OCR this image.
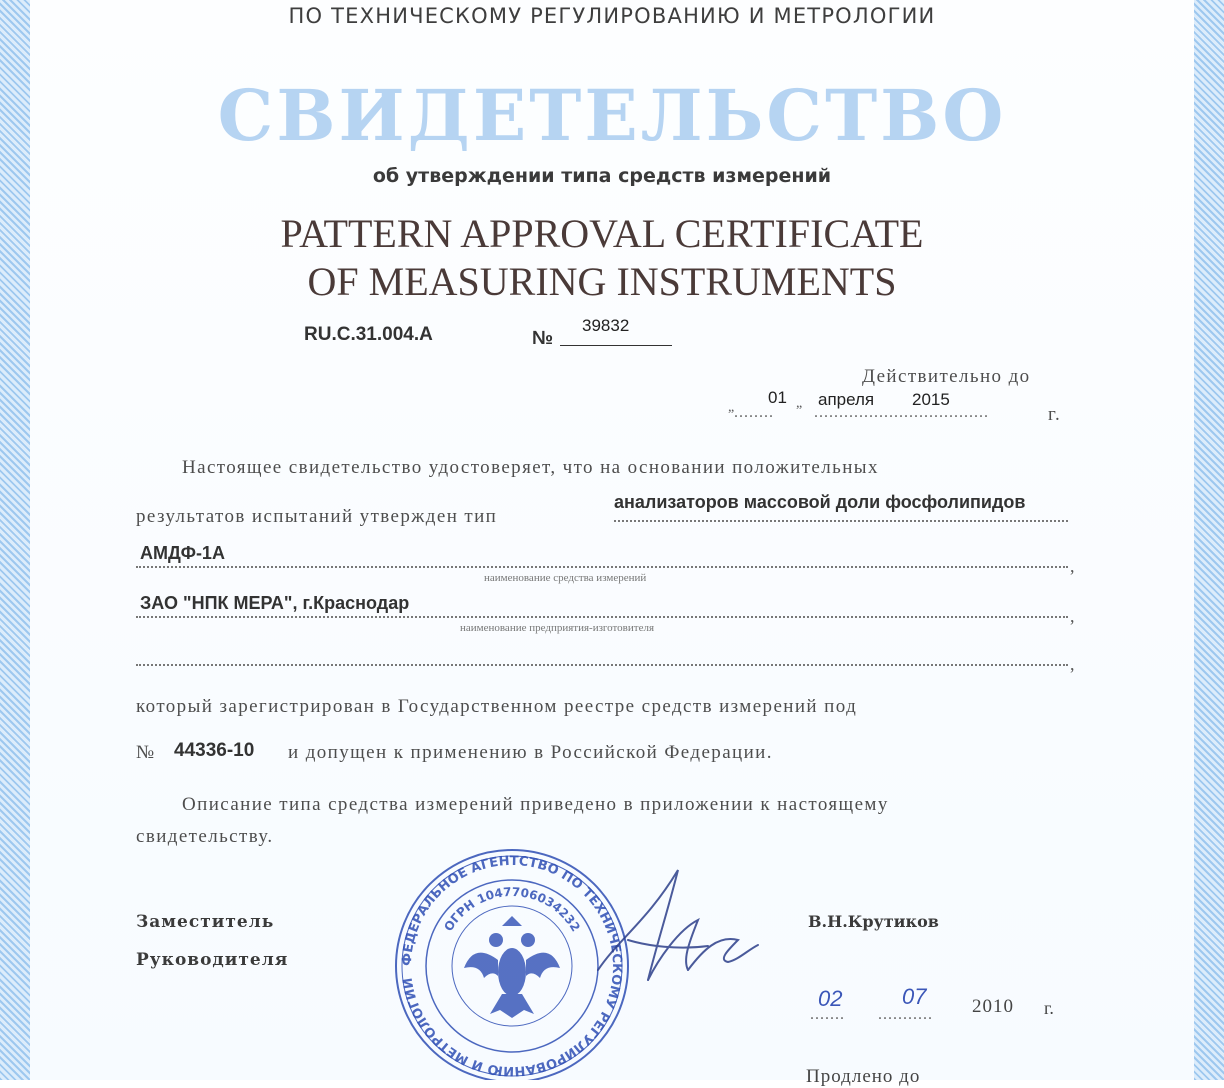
ПО ТЕХНИЧЕСКОМУ РЕГУЛИРОВАНИЮ И МЕТРОЛОГИИ
СВИДЕТЕЛЬСТВО
об утверждении типа средств измерений
PATTERN APPROVAL CERTIFICATE
OF MEASURING INSTRUMENTS
RU.C.31.004.A	№
39832
Действительно до
„ ........
„
...................................
01 апреля 2015
г.
Настоящее свидетельство удостоверяет, что на основании положительных
результатов испытаний утвержден тип
анализаторов массовой доли фосфолипидов
АМДФ-1А
,
наименование средства измерений
ЗАО "НПК МЕРА", г.Краснодар
,
наименование предприятия-изготовителя
,
который зарегистрирован в Государственном реестре средств измерений под
№ 44336-10 и допущен к применению в Российской Федерации.
Описание типа средства измерений приведено в приложении к настоящему
свидетельству.
Заместитель
Руководителя
В.Н.Крутиков
....... ...........
02	07 2010 г.
Продлено до
ФЕДЕРАЛЬНОЕ АГЕНТСТВО ПО ТЕХНИЧЕСКОМУ РЕГУЛИРОВАНИЮ И МЕТРОЛОГИИ
ОГРН 1047706034232
